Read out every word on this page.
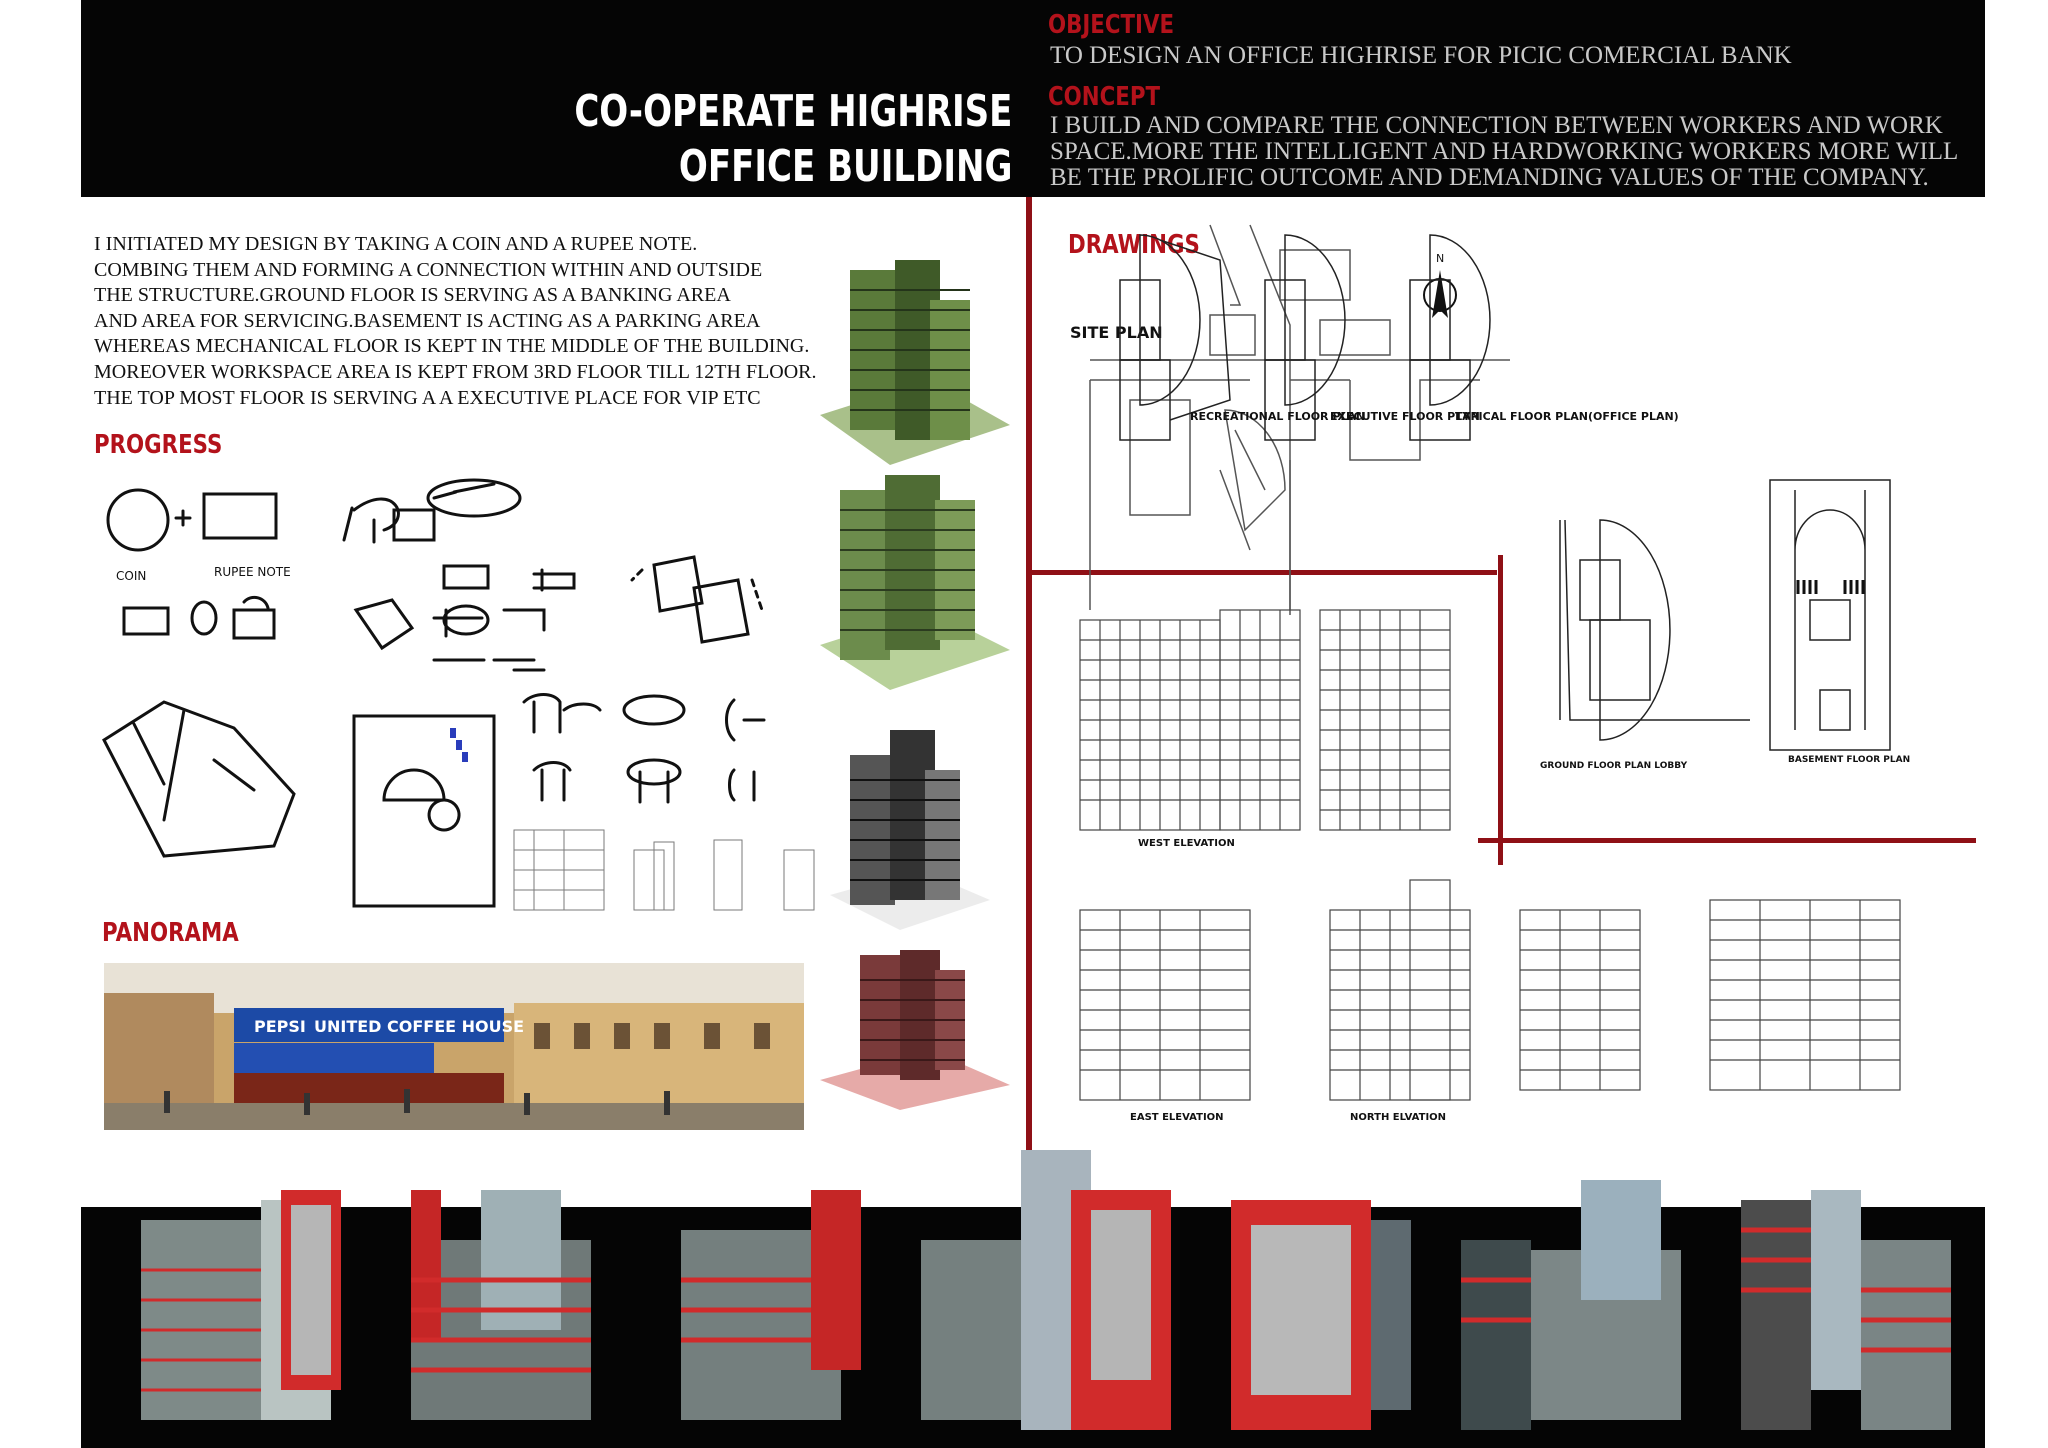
CO-OPERATE HIGHRISE
OFFICE BUILDING
OBJECTIVE
TO DESIGN AN OFFICE HIGHRISE FOR PICIC COMERCIAL BANK
CONCEPT
I BUILD AND COMPARE THE CONNECTION BETWEEN WORKERS AND WORK
SPACE.MORE THE INTELLIGENT AND HARDWORKING WORKERS MORE WILL
BE THE PROLIFIC OUTCOME AND DEMANDING VALUES OF THE COMPANY.
I INITIATED MY DESIGN BY TAKING A COIN AND A RUPEE NOTE.
COMBING THEM AND FORMING A CONNECTION WITHIN AND OUTSIDE
THE STRUCTURE.GROUND FLOOR IS SERVING AS A BANKING AREA
AND AREA FOR SERVICING.BASEMENT IS ACTING AS A PARKING AREA
WHEREAS MECHANICAL FLOOR IS KEPT IN THE MIDDLE OF THE BUILDING.
MOREOVER WORKSPACE AREA IS KEPT FROM 3RD FLOOR TILL 12TH FLOOR.
THE TOP MOST FLOOR IS SERVING A A EXECUTIVE PLACE FOR VIP ETC
PROGRESS
COIN	RUPEE NOTE
PANORAMA
PEPSI UNITED COFFEE HOUSE
DRAWINGS
SITE PLAN
N
RECREATIONAL FLOOR PLAN
EXECUTIVE FLOOR PLAN
TYPICAL FLOOR PLAN(OFFICE PLAN)
GROUND FLOOR PLAN LOBBY
BASEMENT FLOOR PLAN
WEST ELEVATION
EAST ELEVATION	NORTH ELVATION
